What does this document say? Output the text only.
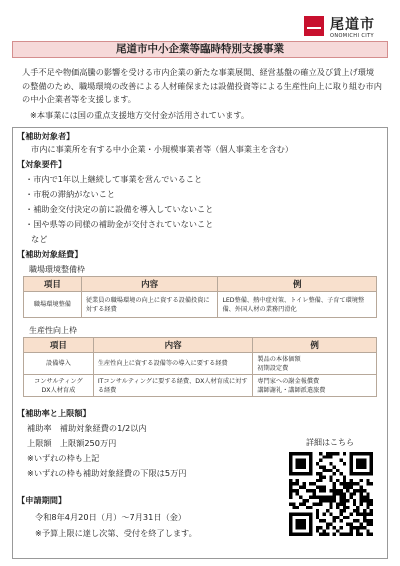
尾道市
ONOMICHI CITY
尾道市中小企業等臨時特別支援事業
人手不足や物価高騰の影響を受ける市内企業の新たな事業展開、経営基盤の確立及び賃上げ環境の整備のため、職場環境の改善による人材確保または設備投資等による生産性向上に取り組む市内の中小企業者等を支援します。
※本事業には国の重点支援地方交付金が活用されています。
【補助対象者】
市内に事業所を有する中小企業・小規模事業者等（個人事業主を含む）
【対象要件】
・市内で1年以上継続して事業を営んでいること
・市税の滞納がないこと
・補助金交付決定の前に設備を導入していないこと
・国や県等の同様の補助金が交付されていないこと
など
【補助対象経費】
職場環境整備枠
項目	内容	例
職場環境整備	従業員の職場環境の向上に資する設備投資に対する経費	LED整備、熱中症対策、トイレ整備、子育て環境整備、外国人材の業務円滑化
生産性向上枠
項目	内容	例
設備導入	生産性向上に資する設備等の導入に要する経費	製品の本体価額
初期設定費
コンサルティング
DX人材育成	ITコンサルティングに要する経費、DX人材育成に対する経費	専門家への謝金報償費
講師謝礼・講師派遣旅費
【補助率と上限額】
補助率　補助対象経費の1/2以内
上限額　上限額250万円
※いずれの枠も上記
※いずれの枠も補助対象経費の下限は5万円
【申請期間】
令和8年4月20日（月）～7月31日（金）
※予算上限に達し次第、受付を終了します。
詳細はこちら
